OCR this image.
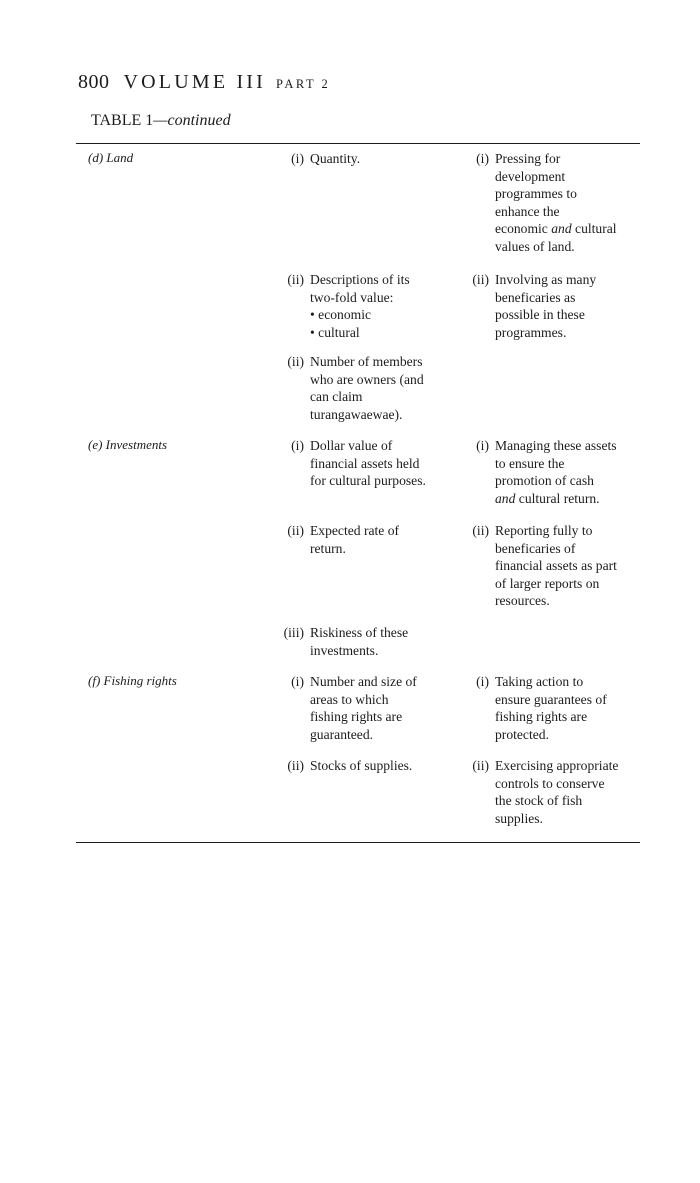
800 VOLUME III PART 2
TABLE 1—continued
(d) Land
(e) Investments
(f) Fishing rights
(i) Quantity.
(ii) Descriptions of its
two-fold value:
• economic
• cultural
(ii) Number of members
who are owners (and
can claim
turangawaewae).
(i) Dollar value of
financial assets held
for cultural purposes.
(ii) Expected rate of
return.
(iii) Riskiness of these
investments.
(i) Number and size of
areas to which
fishing rights are
guaranteed.
(ii) Stocks of supplies.
(i) Pressing for
development
programmes to
enhance the
economic and cultural
values of land.
(ii) Involving as many
beneficaries as
possible in these
programmes.
(i) Managing these assets
to ensure the
promotion of cash
and cultural return.
(ii) Reporting fully to
beneficaries of
financial assets as part
of larger reports on
resources.
(i) Taking action to
ensure guarantees of
fishing rights are
protected.
(ii) Exercising appropriate
controls to conserve
the stock of fish
supplies.
